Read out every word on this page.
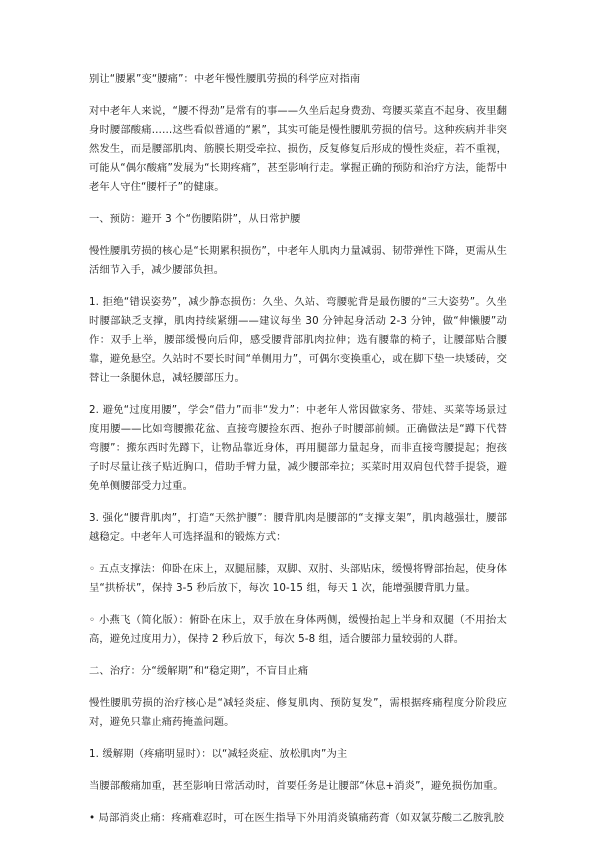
别让“腰累”变“腰痛”：中老年慢性腰肌劳损的科学应对指南

对中老年人来说，“腰不得劲”是常有的事——久坐后起身费劲、弯腰买菜直不起身、夜里翻身时腰部酸痛……这些看似普通的“累”，其实可能是慢性腰肌劳损的信号。这种疾病并非突然发生，而是腰部肌肉、筋膜长期受牵拉、损伤，反复修复后形成的慢性炎症，若不重视，可能从“偶尔酸痛”发展为“长期疼痛”，甚至影响行走。掌握正确的预防和治疗方法，能帮中老年人守住“腰杆子”的健康。

一、预防：避开 3 个“伤腰陷阱”，从日常护腰

慢性腰肌劳损的核心是“长期累积损伤”，中老年人肌肉力量减弱、韧带弹性下降，更需从生活细节入手，减少腰部负担。

1. 拒绝“错误姿势”，减少静态损伤：久坐、久站、弯腰驼背是最伤腰的“三大姿势”。久坐时腰部缺乏支撑，肌肉持续紧绷——建议每坐 30 分钟起身活动 2-3 分钟，做“伸懒腰”动作：双手上举，腰部缓慢向后仰，感受腰背部肌肉拉伸；选有腰靠的椅子，让腰部贴合腰靠，避免悬空。久站时不要长时间“单侧用力”，可偶尔变换重心，或在脚下垫一块矮砖，交替让一条腿休息，减轻腰部压力。

2. 避免“过度用腰”，学会“借力”而非“发力”：中老年人常因做家务、带娃、买菜等场景过度用腰——比如弯腰搬花盆、直接弯腰捡东西、抱孙子时腰部前倾。正确做法是“蹲下代替弯腰”：搬东西时先蹲下，让物品靠近身体，再用腿部力量起身，而非直接弯腰提起；抱孩子时尽量让孩子贴近胸口，借助手臂力量，减少腰部牵拉；买菜时用双肩包代替手提袋，避免单侧腰部受力过重。

3. 强化“腰背肌肉”，打造“天然护腰”：腰背肌肉是腰部的“支撑支架”，肌肉越强壮，腰部越稳定。中老年人可选择温和的锻炼方式：

◦ 五点支撑法：仰卧在床上，双腿屈膝，双脚、双肘、头部贴床，缓慢将臀部抬起，使身体呈“拱桥状”，保持 3-5 秒后放下，每次 10-15 组，每天 1 次，能增强腰背肌力量。

◦ 小燕飞（简化版）：俯卧在床上，双手放在身体两侧，缓慢抬起上半身和双腿（不用抬太高，避免过度用力），保持 2 秒后放下，每次 5-8 组，适合腰部力量较弱的人群。

二、治疗：分“缓解期”和“稳定期”，不盲目止痛

慢性腰肌劳损的治疗核心是“减轻炎症、修复肌肉、预防复发”，需根据疼痛程度分阶段应对，避免只靠止痛药掩盖问题。

1. 缓解期（疼痛明显时）：以“减轻炎症、放松肌肉”为主

当腰部酸痛加重，甚至影响日常活动时，首要任务是让腰部“休息+消炎”，避免损伤加重。

• 局部消炎止痛：疼痛难忍时，可在医生指导下外用消炎镇痛药膏（如双氯芬酸二乙胺乳胶
